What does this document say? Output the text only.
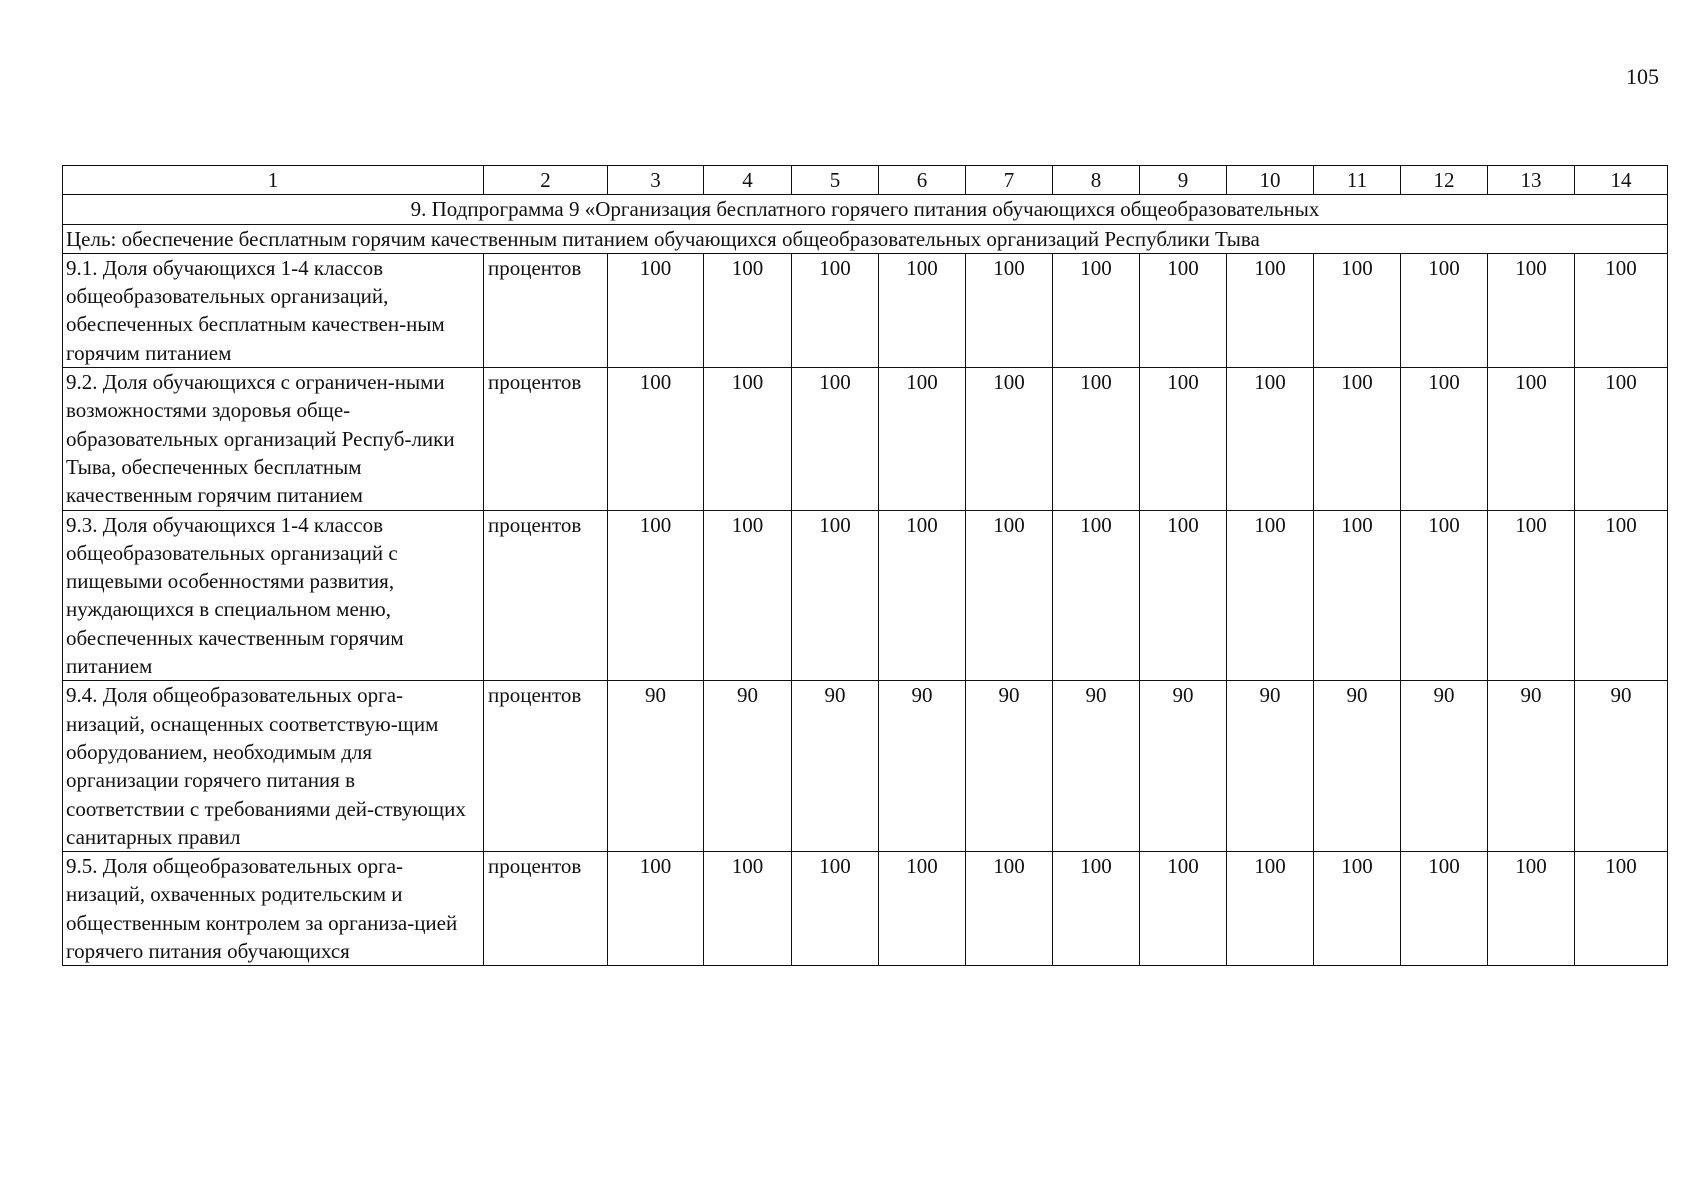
105
1	2	3	4	5	6	7	8	9	10	11	12	13	14
9. Подпрограмма 9 «Организация бесплатного горячего питания обучающихся общеобразовательных													
Цель: обеспечение бесплатным горячим качественным питанием обучающихся общеобразовательных организаций Республики Тыва													
9.1. Доля обучающихся 1-4 классов общеобразовательных организаций, обеспеченных бесплатным качествен-ным горячим питанием	процентов	100	100	100	100	100	100	100	100	100	100	100	100
9.2. Доля обучающихся с ограничен-ными возможностями здоровья обще-образовательных организаций Респуб-лики Тыва, обеспеченных бесплатным качественным горячим питанием	процентов	100	100	100	100	100	100	100	100	100	100	100	100
9.3. Доля обучающихся 1-4 классов общеобразовательных организаций с пищевыми особенностями развития, нуждающихся в специальном меню, обеспеченных качественным горячим питанием	процентов	100	100	100	100	100	100	100	100	100	100	100	100
9.4. Доля общеобразовательных орга-низаций, оснащенных соответствую-щим оборудованием, необходимым для организации горячего питания в соответствии с требованиями дей-ствующих санитарных правил	процентов	90	90	90	90	90	90	90	90	90	90	90	90
9.5. Доля общеобразовательных орга-низаций, охваченных родительским и общественным контролем за организа-цией горячего питания обучающихся	процентов	100	100	100	100	100	100	100	100	100	100	100	100
